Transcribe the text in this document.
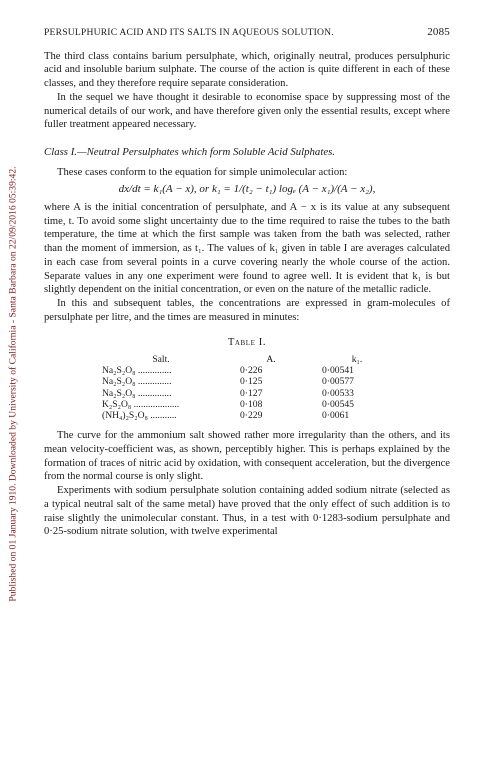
Published on 01 January 1910. Downloaded by University of California - Santa Barbara on 22/09/2016 05:39:42.
PERSULPHURIC ACID AND ITS SALTS IN AQUEOUS SOLUTION.	2085

The third class contains barium persulphate, which, originally neutral, produces persulphuric acid and insoluble barium sulphate. The course of the action is quite different in each of these classes, and they therefore require separate consideration.

In the sequel we have thought it desirable to economise space by suppressing most of the numerical details of our work, and have therefore given only the essential results, except where fuller treatment appeared necessary.

Class I.—Neutral Persulphates which form Soluble Acid Sulphates.

These cases conform to the equation for simple unimolecular action:

dx/dt = k₁(A − x), or k₁ = 1/(t₂ − t₁) logₑ (A − x₁)/(A − x₂),

where A is the initial concentration of persulphate, and A − x is its value at any subsequent time, t. To avoid some slight uncertainty due to the time required to raise the tubes to the bath temperature, the time at which the first sample was taken from the bath was selected, rather than the moment of immersion, as t₁. The values of k₁ given in table I are averages calculated in each case from several points in a curve covering nearly the whole course of the action. Separate values in any one experiment were found to agree well. It is evident that k₁ is but slightly dependent on the initial concentration, or even on the nature of the metallic radicle.

In this and subsequent tables, the concentrations are expressed in gram-molecules of persulphate per litre, and the times are measured in minutes:

Table I.
Salt.	A.	k₁.
Na₂S₂O₈ ..............	0·226	0·00541
Na₂S₂O₈ ..............	0·125	0·00577
Na₂S₂O₈ ..............	0·127	0·00533
K₂S₂O₈ ...................	0·108	0·00545
(NH₄)₂S₂O₈ ...........	0·229	0·0061

The curve for the ammonium salt showed rather more irregularity than the others, and its mean velocity-coefficient was, as shown, perceptibly higher. This is perhaps explained by the formation of traces of nitric acid by oxidation, with consequent acceleration, but the divergence from the normal course is only slight.

Experiments with sodium persulphate solution containing added sodium nitrate (selected as a typical neutral salt of the same metal) have proved that the only effect of such addition is to raise slightly the unimolecular constant. Thus, in a test with 0·1283-sodium persulphate and 0·25-sodium nitrate solution, with twelve experimental
